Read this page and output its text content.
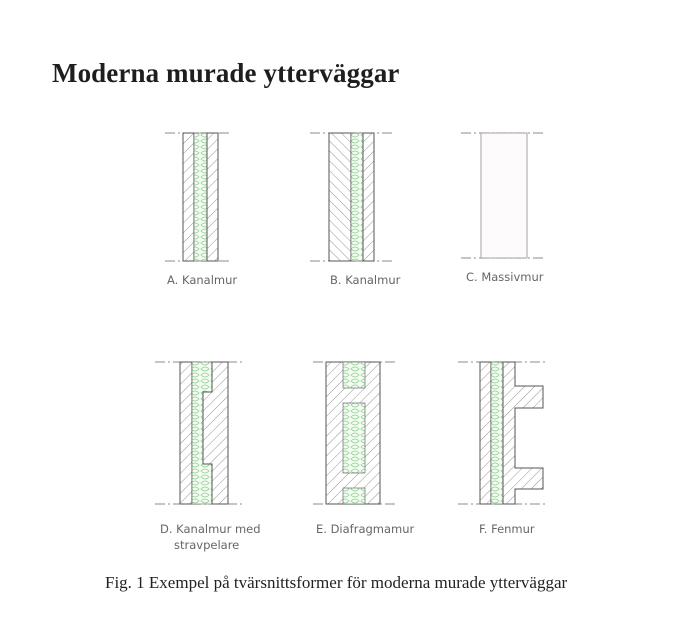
Moderna murade ytterväggar
A. Kanalmur	B. Kanalmur	C. Massivmur
D. Kanalmur med
stravpelare
E. Diafragmamur	F. Fenmur

Fig. 1 Exempel på tvärsnittsformer för moderna murade ytterväggar
